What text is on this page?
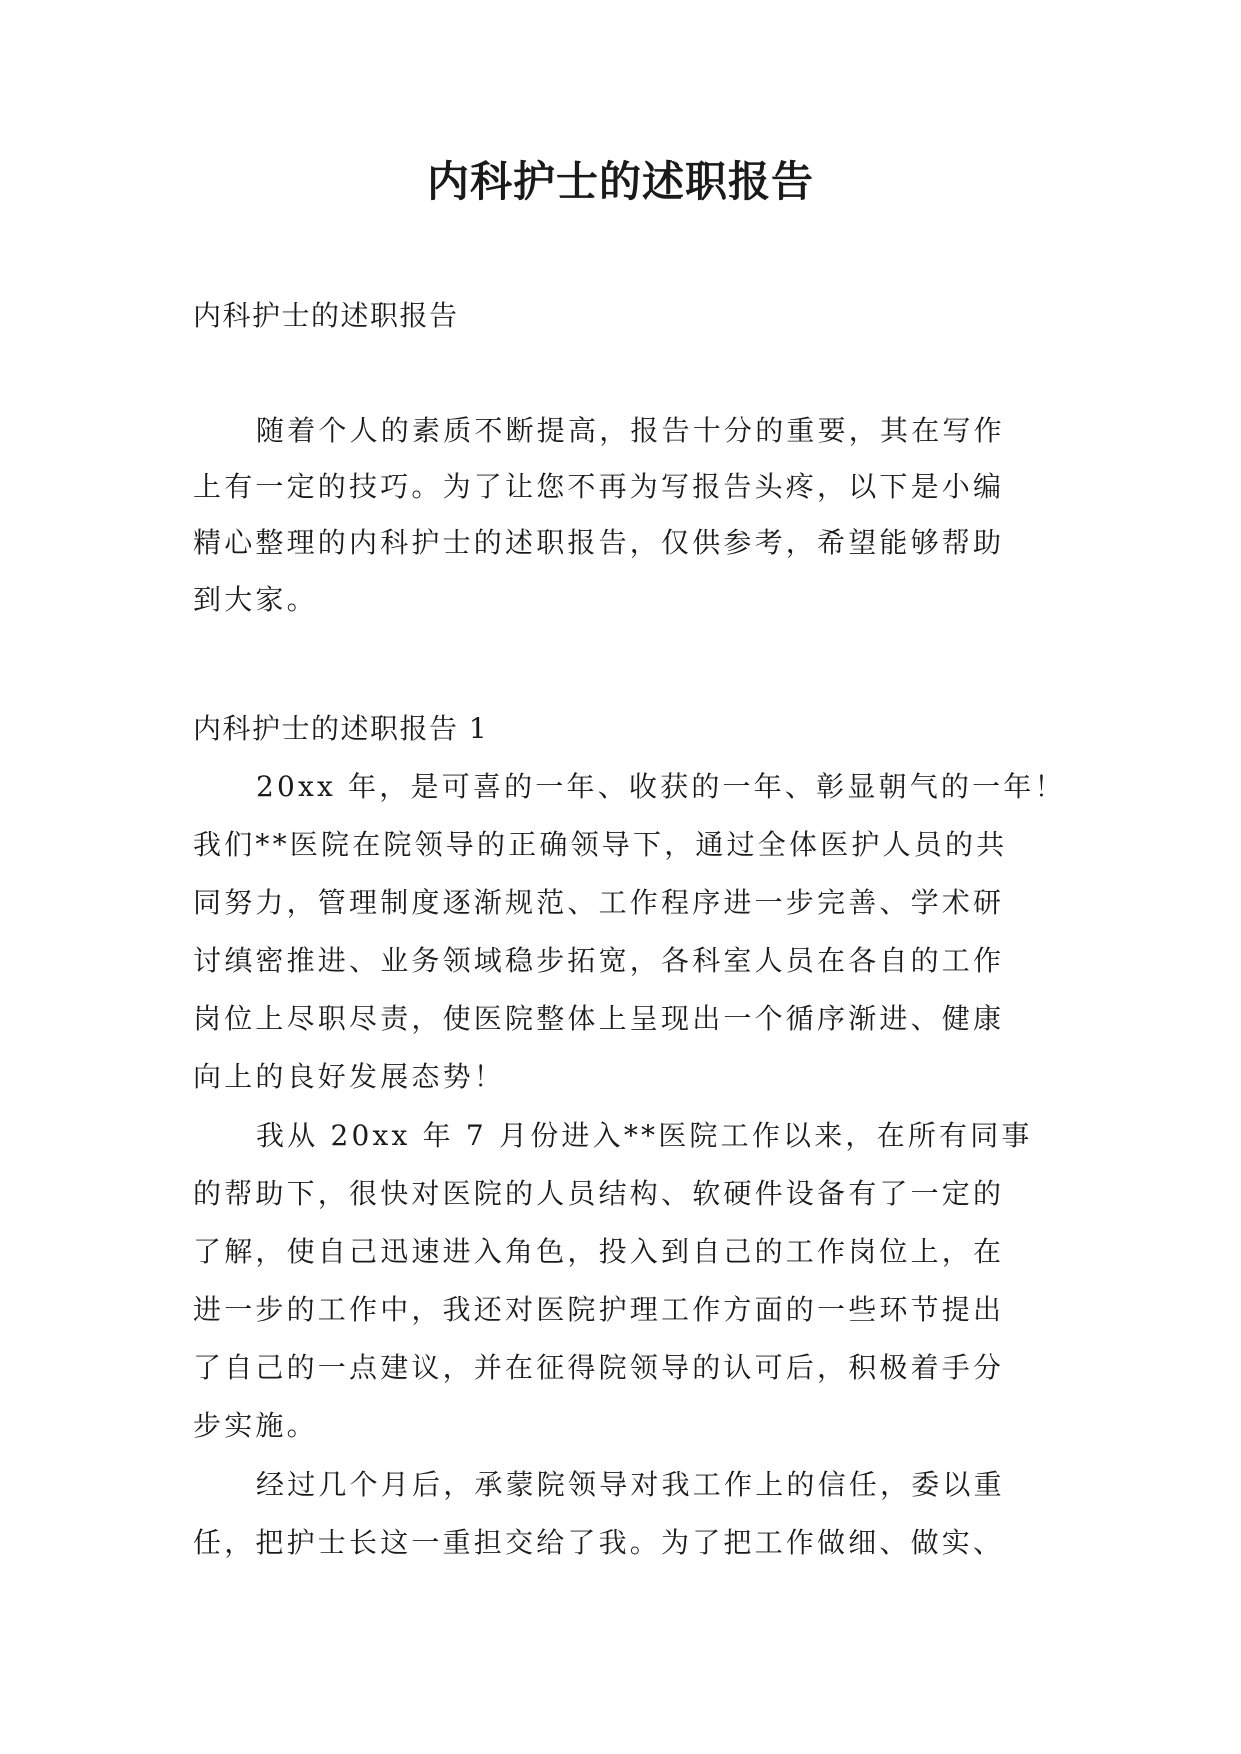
内科护士的述职报告
内科护士的述职报告
随着个人的素质不断提高，报告十分的重要，其在写作
上有一定的技巧。为了让您不再为写报告头疼，以下是小编
精心整理的内科护士的述职报告，仅供参考，希望能够帮助
到大家。
内科护士的述职报告 1
20xx 年，是可喜的一年、收获的一年、彰显朝气的一年！
我们**医院在院领导的正确领导下，通过全体医护人员的共
同努力，管理制度逐渐规范、工作程序进一步完善、学术研
讨缜密推进、业务领域稳步拓宽，各科室人员在各自的工作
岗位上尽职尽责，使医院整体上呈现出一个循序渐进、健康
向上的良好发展态势！
我从 20xx 年 7 月份进入**医院工作以来，在所有同事
的帮助下，很快对医院的人员结构、软硬件设备有了一定的
了解，使自己迅速进入角色，投入到自己的工作岗位上，在
进一步的工作中，我还对医院护理工作方面的一些环节提出
了自己的一点建议，并在征得院领导的认可后，积极着手分
步实施。
经过几个月后，承蒙院领导对我工作上的信任，委以重
任，把护士长这一重担交给了我。为了把工作做细、做实、
